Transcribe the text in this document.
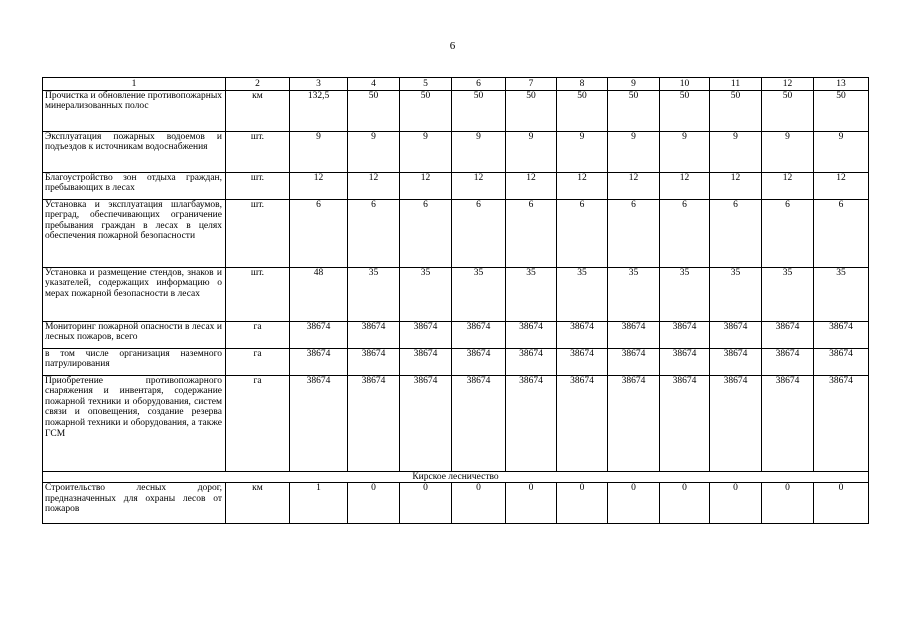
6
1	2	3	4	5	6	7	8	9	10	11	12	13
Прочистка и обновление противопожарных минерализованных полос	км	132,5	50	50	50	50	50	50	50	50	50	50
Эксплуатация пожарных водоемов и подъездов к источникам водоснабжения	шт.	9	9	9	9	9	9	9	9	9	9	9
Благоустройство зон отдыха граждан, пребывающих в лесах	шт.	12	12	12	12	12	12	12	12	12	12	12
Установка и эксплуатация шлагбаумов, преград, обеспечивающих ограничение пребывания граждан в лесах в целях обеспечения пожарной безопасности	шт.	6	6	6	6	6	6	6	6	6	6	6
Установка и размещение стендов, знаков и указателей, содержащих информацию о мерах пожарной безопасности в лесах	шт.	48	35	35	35	35	35	35	35	35	35	35
Мониторинг пожарной опасности в лесах и лесных пожаров, всего	га	38674	38674	38674	38674	38674	38674	38674	38674	38674	38674	38674
в том числе организация наземного патрулирования	га	38674	38674	38674	38674	38674	38674	38674	38674	38674	38674	38674
Приобретение противопожарного снаряжения и инвентаря, содержание пожарной техники и оборудования, систем связи и оповещения, создание резерва пожарной техники и оборудования, а также ГСМ	га	38674	38674	38674	38674	38674	38674	38674	38674	38674	38674	38674
Кирское лесничество												
Строительство лесных дорог, предназначенных для охраны лесов от пожаров	км	1	0	0	0	0	0	0	0	0	0	0
